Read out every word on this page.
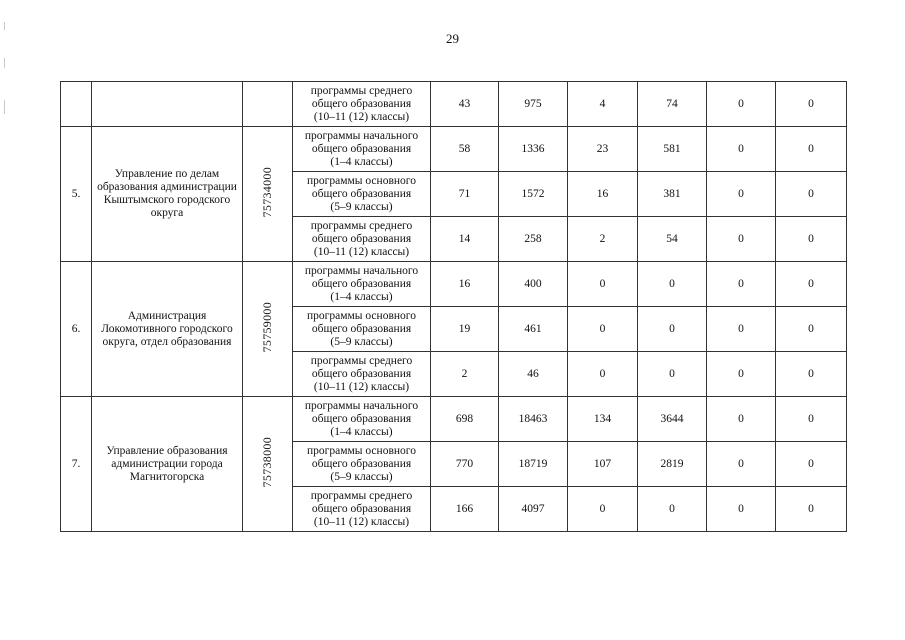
29

			программы среднего
общего образования
(10–11 (12) классы)	43	975	4	74	0	0
5.	Управление по делам образования администрации Кыштымского городского округа	75734000	программы начального
общего образования
(1–4 классы)	58	1336	23	581	0	0

			программы основного
общего образования
(5–9 классы)	71	1572	16	381	0	0

			программы среднего
общего образования
(10–11 (12) классы)	14	258	2	54	0	0
6.	Администрация Локомотивного городского округа, отдел образования	75759000	программы начального
общего образования
(1–4 классы)	16	400	0	0	0	0

			программы основного
общего образования
(5–9 классы)	19	461	0	0	0	0

			программы среднего
общего образования
(10–11 (12) классы)	2	46	0	0	0	0
7.	Управление образования администрации города Магнитогорска	75738000	программы начального
общего образования
(1–4 классы)	698	18463	134	3644	0	0

			программы основного
общего образования
(5–9 классы)	770	18719	107	2819	0	0

			программы среднего
общего образования
(10–11 (12) классы)	166	4097	0	0	0	0
